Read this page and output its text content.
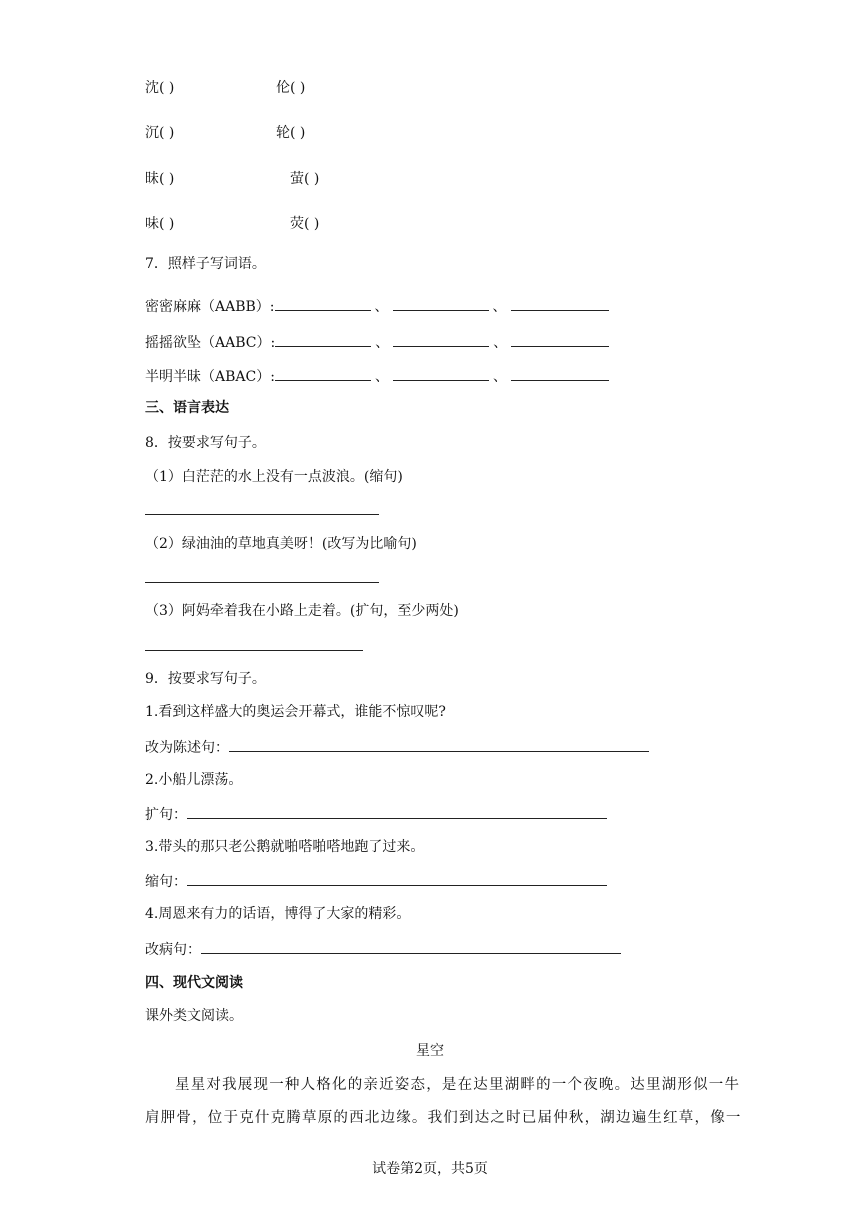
沈( )	伦( )
沉( )	轮( )
昧( )	萤( )
味( )	荧( )
7．照样子写词语。
密密麻麻（AABB）:	、	、
摇摇欲坠（AABC）:	、	、
半明半昧（ABAC）:	、	、
三、语言表达
8．按要求写句子。
（1）白茫茫的水上没有一点波浪。(缩句)
（2）绿油油的草地真美呀！(改写为比喻句)
（3）阿妈牵着我在小路上走着。(扩句，至少两处)
9．按要求写句子。
1.看到这样盛大的奥运会开幕式，谁能不惊叹呢?
改为陈述句：
2.小船儿漂荡。
扩句：
3.带头的那只老公鹅就啪嗒啪嗒地跑了过来。
缩句：
4.周恩来有力的话语，博得了大家的精彩。
改病句：
四、现代文阅读
课外类文阅读。
星空
星星对我展现一种人格化的亲近姿态，是在达里湖畔的一个夜晚。达里湖形似一牛
肩胛骨，位于克什克腾草原的西北边缘。我们到达之时已届仲秋，湖边遍生红草，像一
试卷第2页，共5页
